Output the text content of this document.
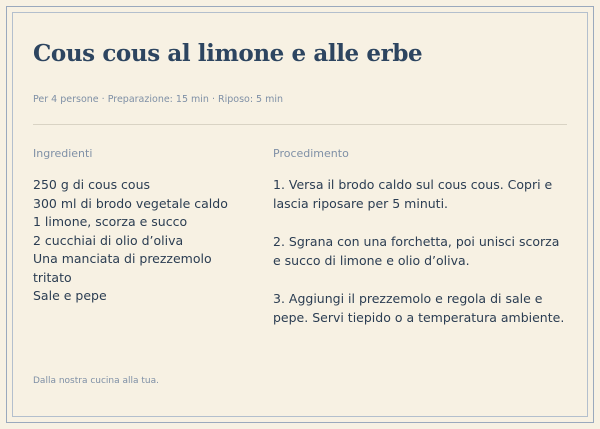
Cous cous al limone e alle erbe
Per 4 persone · Preparazione: 15 min · Riposo: 5 min
Ingredienti	Procedimento
250 g di cous cous
300 ml di brodo vegetale caldo
1 limone, scorza e succo
2 cucchiai di olio d’oliva
Una manciata di prezzemolo tritato
Sale e pepe
1. Versa il brodo caldo sul cous cous. Copri e lascia riposare per 5 minuti.
2. Sgrana con una forchetta, poi unisci scorza e succo di limone e olio d’oliva.
3. Aggiungi il prezzemolo e regola di sale e pepe. Servi tiepido o a temperatura ambiente.
Dalla nostra cucina alla tua.
